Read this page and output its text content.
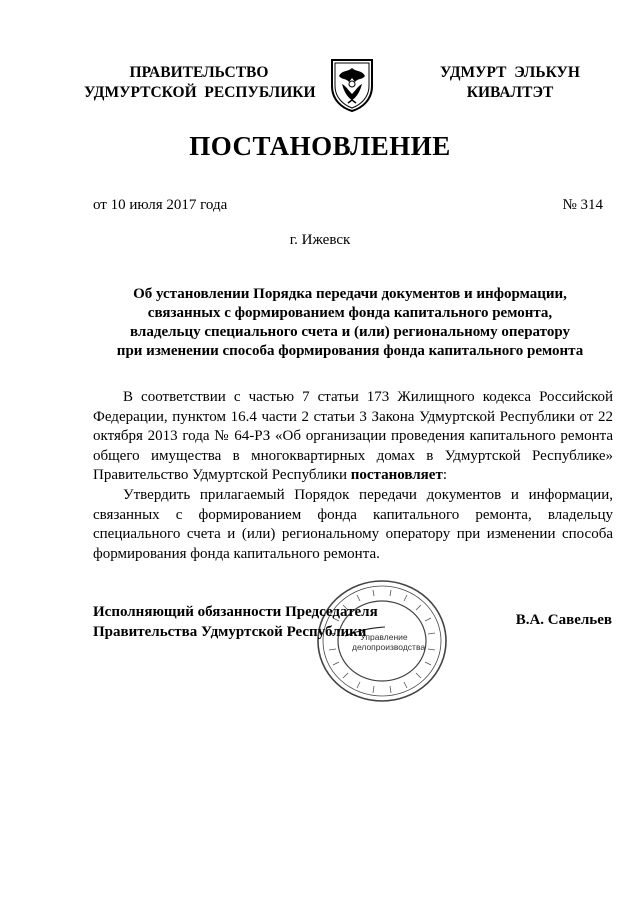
ПРАВИТЕЛЬСТВО
УДМУРТСКОЙ  РЕСПУБЛИКИ
УДМУРТ  ЭЛЬКУН
КИВАЛТЭТ
ПОСТАНОВЛЕНИЕ
от 10 июля 2017 года	№ 314
г. Ижевск
Об установлении Порядка передачи документов и информации,
связанных с формированием фонда капитального ремонта,
владельцу специального счета и (или) региональному оператору
при изменении способа формирования фонда капитального ремонта

В соответствии с частью 7 статьи 173 Жилищного кодекса Российской Федерации, пунктом 16.4 части 2 статьи 3 Закона Удмуртской Республики от 22 октября 2013 года № 64-РЗ «Об организации проведения капитального ремонта общего имущества в многоквартирных домах в Удмуртской Республике» Правительство Удмуртской Республики постановляет:

Утвердить прилагаемый Порядок передачи документов и информации, связанных с формированием фонда капитального ремонта, владельцу специального счета и (или) региональному оператору при изменении способа формирования фонда капитального ремонта.

Управление
делопроизводства
Исполняющий обязанности Председателя
Правительства Удмуртской Республики
В.А. Савельев
